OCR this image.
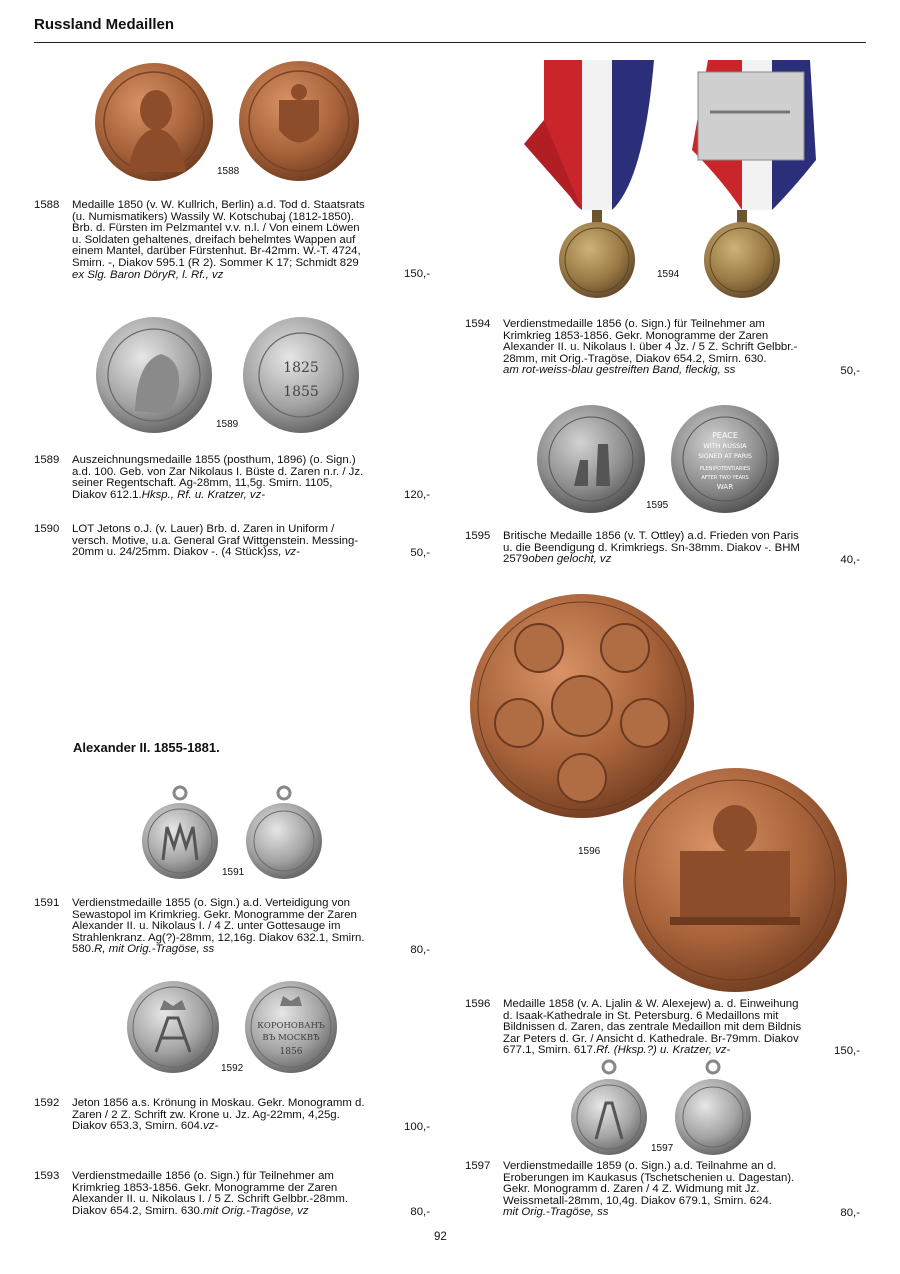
Russland Medaillen
1588
1588 Medaille 1850 (v. W. Kullrich, Berlin) a.d. Tod d. Staatsrats
(u. Numismatikers) Wassily W. Kotschubaj (1812-1850).
Brb. d. Fürsten im Pelzmantel v.v. n.l. / Von einem Löwen
u. Soldaten gehaltenes, dreifach behelmtes Wappen auf
einem Mantel, darüber Fürstenhut. Br-42mm. W.-T. 4724,
Smirn. -, Diakov 595.1 (R 2). Sommer K 17; Schmidt 829
ex Slg. Baron DöryR, l. Rf., vz	150,-
1825
1855
1589
1589 Auszeichnungsmedaille 1855 (posthum, 1896) (o. Sign.)
a.d. 100. Geb. von Zar Nikolaus I. Büste d. Zaren n.r. / Jz.
seiner Regentschaft. Ag-28mm, 11,5g. Smirn. 1105,
Diakov 612.1.Hksp., Rf. u. Kratzer, vz-	120,-
1590 LOT Jetons o.J. (v. Lauer) Brb. d. Zaren in Uniform /
versch. Motive, u.a. General Graf Wittgenstein. Messing-
20mm u. 24/25mm. Diakov -. (4 Stück)ss, vz-	50,-
Alexander II. 1855-1881.
1591
1591 Verdienstmedaille 1855 (o. Sign.) a.d. Verteidigung von
Sewastopol im Krimkrieg. Gekr. Monogramme der Zaren
Alexander II. u. Nikolaus I. / 4 Z. unter Gottesauge im
Strahlenkranz. Ag(?)-28mm, 12,16g. Diakov 632.1, Smirn.
580.R, mit Orig.-Tragöse, ss	80,-
КОРОНОВАНЪ
ВЪ МОСКВѢ
1856
1592
1592 Jeton 1856 a.s. Krönung in Moskau. Gekr. Monogramm d.
Zaren / 2 Z. Schrift zw. Krone u. Jz. Ag-22mm, 4,25g.
Diakov 653.3, Smirn. 604.vz-	100,-
1593 Verdienstmedaille 1856 (o. Sign.) für Teilnehmer am
Krimkrieg 1853-1856. Gekr. Monogramme der Zaren
Alexander II. u. Nikolaus I. / 5 Z. Schrift Gelbbr.-28mm.
Diakov 654.2, Smirn. 630.mit Orig.-Tragöse, vz	80,-
1594
1594 Verdienstmedaille 1856 (o. Sign.) für Teilnehmer am
Krimkrieg 1853-1856. Gekr. Monogramme der Zaren
Alexander II. u. Nikolaus I. über 4 Jz. / 5 Z. Schrift Gelbbr.-
28mm, mit Orig.-Tragöse, Diakov 654.2, Smirn. 630.
am rot-weiss-blau gestreiften Band, fleckig, ss	50,-
PEACE
WITH RUSSIA
SIGNED AT PARIS
PLENIPOTENTIARIES
AFTER TWO YEARS
WAR
1595
1595 Britische Medaille 1856 (v. T. Ottley) a.d. Frieden von Paris
u. die Beendigung d. Krimkriegs. Sn-38mm. Diakov -. BHM
2579oben gelocht, vz	40,-
1596
1596 Medaille 1858 (v. A. Ljalin & W. Alexejew) a. d. Einweihung
d. Isaak-Kathedrale in St. Petersburg. 6 Medaillons mit
Bildnissen d. Zaren, das zentrale Medaillon mit dem Bildnis
Zar Peters d. Gr. / Ansicht d. Kathedrale. Br-79mm. Diakov
677.1, Smirn. 617.Rf. (Hksp.?) u. Kratzer, vz-	150,-
1597
1597 Verdienstmedaille 1859 (o. Sign.) a.d. Teilnahme an d.
Eroberungen im Kaukasus (Tschetschenien u. Dagestan).
Gekr. Monogramm d. Zaren / 4 Z. Widmung mit Jz.
Weissmetall-28mm, 10,4g. Diakov 679.1, Smirn. 624.
mit Orig.-Tragöse, ss	80,-
92
